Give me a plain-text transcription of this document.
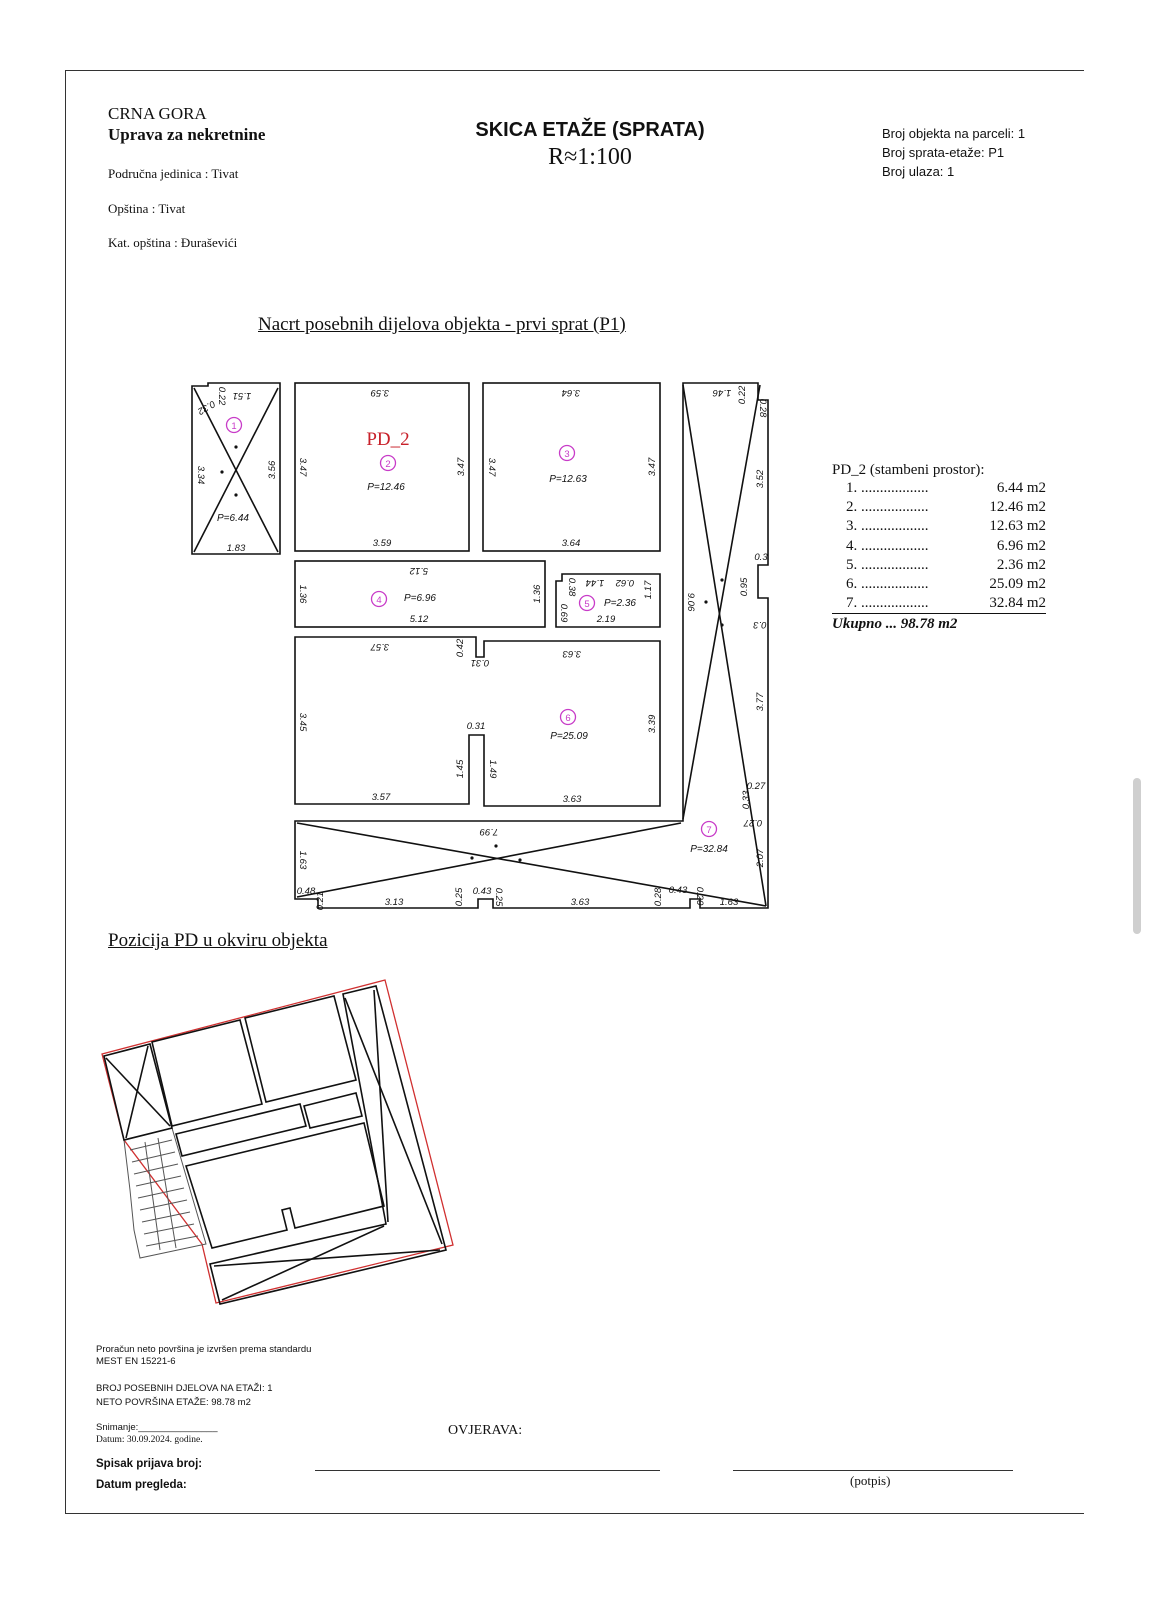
CRNA GORA
Uprava za nekretnine
Područna jedinica : Tivat
Opština : Tivat
Kat. opština : Đuraševići
SKICA ETAŽE (SPRATA)
R≈1:100
Broj objekta na parceli: 1
Broj sprata-etaže: P1
Broj ulaza: 1
Nacrt posebnih dijelova objekta - prvi sprat (P1)
1
2
3
4	5
6
7
PD_2
P=6.44
P=12.46
P=12.63
P=6.96	P=2.36
P=25.09
P=32.84
1.51
0.22
0.32
3.34	3.56
1.83
3.59
3.47	3.47
3.59
3.64
3.47	3.47
3.64
5.12
1.36	1.36
5.12
1.44 0.62 1.17
0.38
0.69	2.19
3.57	0.42
0.31
3.63
3.45	0.31	3.39
1.45 1.49
3.57	3.63
1.46 0.22
0.28
3.52
0.3
0.95
0.3
9.06
3.77
0.27
0.33
0.27
2.07
7.99
1.63
0.48
0.21	3.13	0.25 0.43 0.25	3.63	0.28 0.43 0.20 1.63
PD_2 (stambeni prostor):
1. ..................	6.44 m2
2. ..................	12.46 m2
3. ..................	12.63 m2
4. ..................	6.96 m2
5. ..................	2.36 m2
6. ..................	25.09 m2
7. ..................	32.84 m2
Ukupno ... 98.78 m2
Pozicija PD u okviru objekta
Proračun neto površina je izvršen prema standardu
MEST EN 15221-6
BROJ POSEBNIH DJELOVA NA ETAŽI: 1
NETO POVRŠINA ETAŽE: 98.78 m2
Snimanje:_______________
Datum: 30.09.2024. godine.
OVJERAVA:
Spisak prijava broj:
Datum pregleda:	(potpis)
